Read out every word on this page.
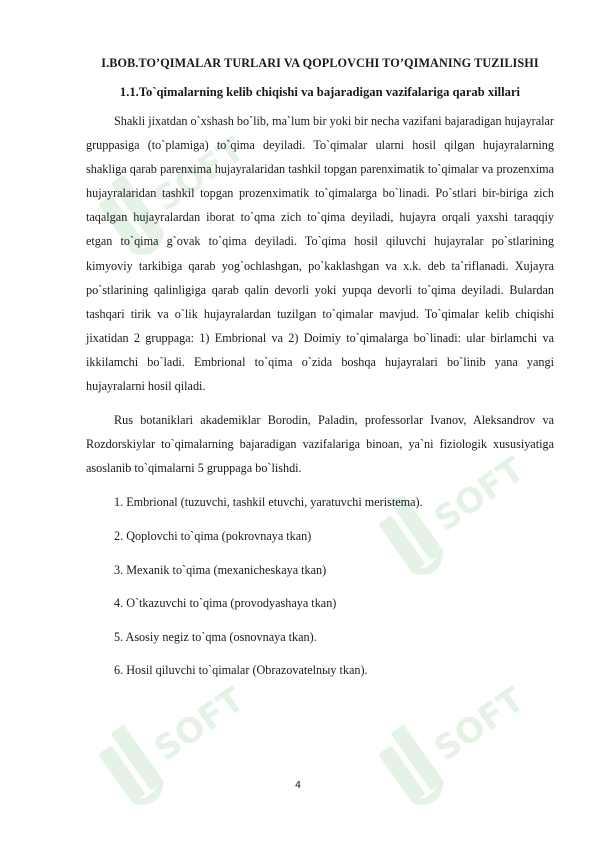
SOFT
SOFT
SOFT	SOFT
I.BOB.TO’QIMALAR TURLARI VA QOPLOVCHI TO’QIMANING TUZILISHI
1.1.To`qimalarning kelib chiqishi va bajaradigan vazifalariga qarab xillari

Shakli jixatdan o`xshash bo`lib, ma`lum bir yoki bir necha vazifani bajaradigan hujayralar gruppasiga (to`plamiga) to`qima deyiladi. To`qimalar ularni hosil qilgan hujayralarning shakliga qarab parenxima hujayralaridan tashkil topgan parenximatik to`qimalar va prozenxima hujayralaridan tashkil topgan prozenximatik to`qimalarga bo`linadi. Po`stlari bir-biriga zich taqalgan hujayralardan iborat to`qma zich to`qima deyiladi, hujayra orqali yaxshi taraqqiy etgan to`qima g`ovak to`qima deyiladi. To`qima hosil qiluvchi hujayralar po`stlarining kimyoviy tarkibiga qarab yog`ochlashgan, po`kaklashgan va x.k. deb ta`riflanadi. Xujayra po`stlarining qalinligiga qarab qalin devorli yoki yupqa devorli to`qima deyiladi. Bulardan tashqari tirik va o`lik hujayralardan tuzilgan to`qimalar mavjud. To`qimalar kelib chiqishi jixatidan 2 gruppaga: 1) Embrional va 2) Doimiy to`qimalarga bo`linadi: ular birlamchi va ikkilamchi bo`ladi. Embrional to`qima o`zida boshqa hujayralari bo`linib yana yangi hujayralarni hosil qiladi.

Rus botaniklari akademiklar Borodin, Paladin, professorlar Ivanov, Aleksandrov va Rozdorskiylar to`qimalarning bajaradigan vazifalariga binoan, ya`ni fiziologik xususiyatiga asoslanib to`qimalarni 5 gruppaga bo`lishdi.

1. Embrional (tuzuvchi, tashkil etuvchi, yaratuvchi meristema).
2. Qoplovchi to`qima (pokrovnaya tkan)
3. Mexanik to`qima (mexanicheskaya tkan)
4. O`tkazuvchi to`qima (provodyashaya tkan)
5. Asosiy negiz to`qma (osnovnaya tkan).
6. Hosil qiluvchi to`qimalar (Obrazovatelnыy tkan).
4
